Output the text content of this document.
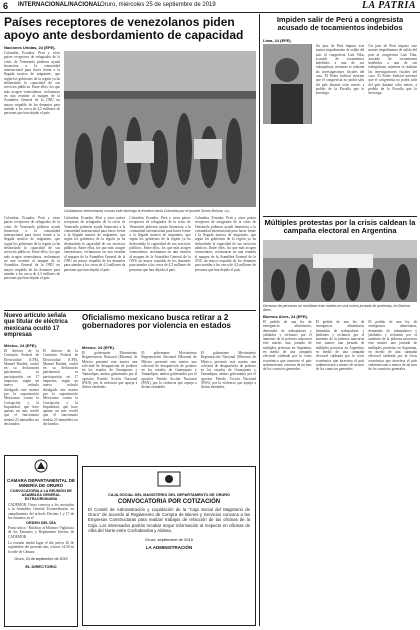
6 INTERNACIONAL/NACIONAL Oruro, miércoles 25 de septiembre de 2019	LA PATRIA
Países receptores de venezolanos piden apoyo ante desbordamiento de capacidad
Naciones Unidas, 24 (EFE).
Colombia, Ecuador, Perú y otros países receptores de refugiados de la crisis de Venezuela pidieron ayuda financiera a la comunidad internacional para hacer frente a la llegada masiva de migrantes, que según los gobiernos de la región ya ha desbordado la capacidad de sus servicios públicos. Entre ellos, los que más acogen venezolanos, reclamaron en una reunión al margen de la Asamblea General de la ONU un mayor respaldo de los donantes para atender a los cerca de 4,3 millones de personas que han dejado el país.
Ciudadanos venezolanos cruzan este domingo la frontera hacia Colombia por el puente Simón Bolívar, La...
Colombia, Ecuador, Perú y otros países receptores de refugiados de la crisis de Venezuela pidieron ayuda financiera a la comunidad internacional para hacer frente a la llegada masiva de migrantes, que según los gobiernos de la región ya ha desbordado la capacidad de sus servicios públicos. Entre ellos, los que más acogen venezolanos, reclamaron en una reunión al margen de la Asamblea General de la ONU un mayor respaldo de los donantes para atender a los cerca de 4,3 millones de personas que han dejado el país.
Colombia, Ecuador, Perú y otros países receptores de refugiados de la crisis de Venezuela pidieron ayuda financiera a la comunidad internacional para hacer frente a la llegada masiva de migrantes, que según los gobiernos de la región ya ha desbordado la capacidad de sus servicios públicos. Entre ellos, los que más acogen venezolanos, reclamaron en una reunión al margen de la Asamblea General de la ONU un mayor respaldo de los donantes para atender a los cerca de 4,3 millones de personas que han dejado el país.
Colombia, Ecuador, Perú y otros países receptores de refugiados de la crisis de Venezuela pidieron ayuda financiera a la comunidad internacional para hacer frente a la llegada masiva de migrantes, que según los gobiernos de la región ya ha desbordado la capacidad de sus servicios públicos. Entre ellos, los que más acogen venezolanos, reclamaron en una reunión al margen de la Asamblea General de la ONU un mayor respaldo de los donantes para atender a los cerca de 4,3 millones de personas que han dejado el país.
Colombia, Ecuador, Perú y otros países receptores de refugiados de la crisis de Venezuela pidieron ayuda financiera a la comunidad internacional para hacer frente a la llegada masiva de migrantes, que según los gobiernos de la región ya ha desbordado la capacidad de sus servicios públicos. Entre ellos, los que más acogen venezolanos, reclamaron en una reunión al margen de la Asamblea General de la ONU un mayor respaldo de los donantes para atender a los cerca de 4,3 millones de personas que han dejado el país.
Nuevo artículo señala que titular de eléctrica mexicana ocultó 17 empresas
México, 24 (EFE).
El director de la Comisión Federal de Electricidad (CFE), Manuel Bartlett, ocultó en su declaración patrimonial su participación en 17 empresas, según un nuevo artículo divulgado este martes por la organización Mexicanos contra la Corrupción y la Impunidad, que hace apenas un mes reveló que el funcionario tendría 23 inmuebles no declarados.
El director de la Comisión Federal de Electricidad (CFE), Manuel Bartlett, ocultó en su declaración patrimonial su participación en 17 empresas, según un nuevo artículo divulgado este martes por la organización Mexicanos contra la Corrupción y la Impunidad, que hace apenas un mes reveló que el funcionario tendría 23 inmuebles no declarados.
CÁMARA DEPARTAMENTAL DE MINERÍA DE ORURO
CONVOCATORIA A LA REUNIÓN DE ASAMBLEA GENERAL EXTRAORDINARIA
CADEMOR, Oruro convoca a los asociados a la Asamblea General Extraordinaria, en cumplimiento del artículo Decimo 1 y 17 de los estatutos en el.
ORDEN DEL DÍA
Punto único.- Ratificar al Ministro Vigilancia de los Estatutos y Reglamento Interno de CADEMOR.
La reunión tendrá lugar el día jueves 26 de septiembre del presente año, a horas 14:30 en la sede de Cámara.
Oruro, 24 de septiembre de 2019
EL DIRECTORIO
Oficialismo mexicano busca retirar a 2 gobernadores por violencia en estados
México, 24 (EFE).
El gobernante Movimiento Regeneración Nacional (Morena) de México presentó este martes una solicitud de desaparición de poderes en los estados de Guanajuato y Tamaulipas, ambos gobernados por el opositor Partido Acción Nacional (PAN), por la violencia que aqueja a dichas entidades.
El gobernante Movimiento Regeneración Nacional (Morena) de México presentó este martes una solicitud de desaparición de poderes en los estados de Guanajuato y Tamaulipas, ambos gobernados por el opositor Partido Acción Nacional (PAN), por la violencia que aqueja a dichas entidades.
El gobernante Movimiento Regeneración Nacional (Morena) de México presentó este martes una solicitud de desaparición de poderes en los estados de Guanajuato y Tamaulipas, ambos gobernados por el opositor Partido Acción Nacional (PAN), por la violencia que aqueja a dichas entidades.
CAJA SOCIAL DEL MAGISTERIO DEL DEPARTAMENTO DE ORURO
CONVOCATORIA POR COTIZACIÓN
El Comité de Administración y Liquidación de la "Caja Social del Magisterio de Oruro" de acuerdo al Reglamento de Compra de Bienes y Servicios convoca a las Empresas Constructoras para realizar trabajos de refacción de las oficinas de la Caja. Los interesados podrán recabar mayor información al respecto en oficinas de Alba del Norte entre Cochabamba y Aldana.
Oruro, septiembre de 2019
LA ADMINISTRACIÓN
Impiden salir de Perú a congresista acusado de tocamientos indebidos
Lima, 24 (EFE).
Un juez de Perú impuso este martes impedimento de salida del país al congresista Luis Yika, acusado de tocamientos indebidos a una de sus trabajadoras, mientras se realizan las investigaciones fiscales del caso. El Poder Judicial informó que el congresista no podrá salir del país durante ocho meses, a pedido de la Fiscalía que lo investiga.
Un juez de Perú impuso este martes impedimento de salida del país al congresista Luis Yika, acusado de tocamientos indebidos a una de sus trabajadoras, mientras se realizan las investigaciones fiscales del caso. El Poder Judicial informó que el congresista no podrá salir del país durante ocho meses, a pedido de la Fiscalía que lo investiga.
Múltiples protestas por la crisis caldean la campaña electoral en Argentina
Decenas de personas se movilizan este martes en una nueva jornada de protestas, en Buenos Aires.
Buenos Aires, 24 (EFE).
El pedido de una ley de emergencia alimentaria, demandas de trabajadores y jubilados y reclamos por el aumento de la pobreza marcaron este martes una jornada de múltiples protestas en Argentina, en medio de una campaña electoral caldeada por la crisis económica que atraviesa el país sudamericano a menos de un mes de los comicios generales.
El pedido de una ley de emergencia alimentaria, demandas de trabajadores y jubilados y reclamos por el aumento de la pobreza marcaron este martes una jornada de múltiples protestas en Argentina, en medio de una campaña electoral caldeada por la crisis económica que atraviesa el país sudamericano a menos de un mes de los comicios generales.
El pedido de una ley de emergencia alimentaria, demandas de trabajadores y jubilados y reclamos por el aumento de la pobreza marcaron este martes una jornada de múltiples protestas en Argentina, en medio de una campaña electoral caldeada por la crisis económica que atraviesa el país sudamericano a menos de un mes de los comicios generales.
